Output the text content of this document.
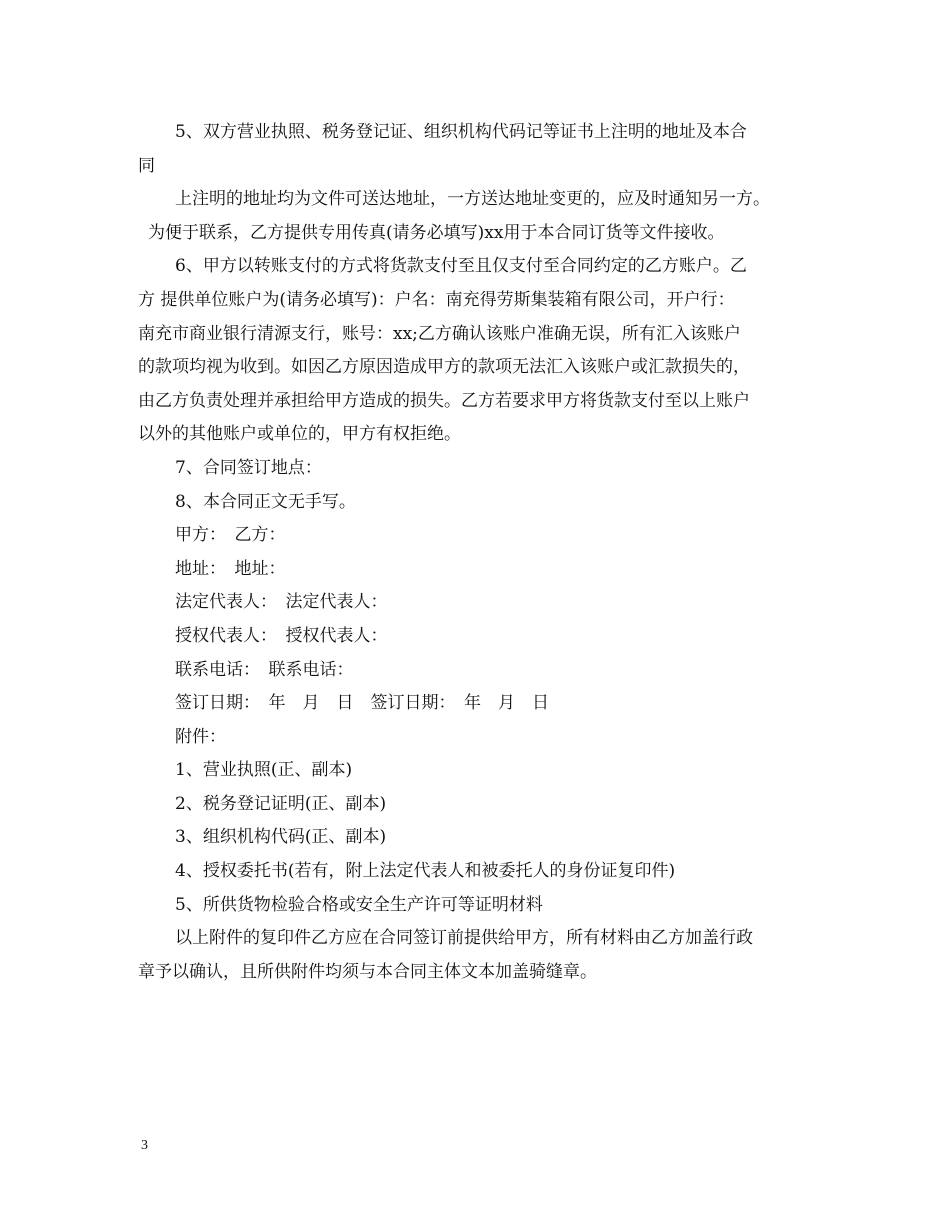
5、双方营业执照、税务登记证、组织机构代码记等证书上注明的地址及本合
同
上注明的地址均为文件可送达地址，一方送达地址变更的，应及时通知另一方。
为便于联系，乙方提供专用传真(请务必填写)xx用于本合同订货等文件接收。
6、甲方以转账支付的方式将货款支付至且仅支付至合同约定的乙方账户。乙
方 提供单位账户为(请务必填写)：户名：南充得劳斯集装箱有限公司，开户行：
南充市商业银行清源支行，账号：xx;乙方确认该账户准确无误，所有汇入该账户
的款项均视为收到。如因乙方原因造成甲方的款项无法汇入该账户或汇款损失的，
由乙方负责处理并承担给甲方造成的损失。乙方若要求甲方将货款支付至以上账户
以外的其他账户或单位的，甲方有权拒绝。
7、合同签订地点：
8、本合同正文无手写。
甲方：　乙方：
地址：　地址：
法定代表人：　法定代表人：
授权代表人：　授权代表人：
联系电话：　联系电话：
签订日期：　年　月　日　签订日期：　年　月　日
附件：
1、营业执照(正、副本)
2、税务登记证明(正、副本)
3、组织机构代码(正、副本)
4、授权委托书(若有，附上法定代表人和被委托人的身份证复印件)
5、所供货物检验合格或安全生产许可等证明材料
以上附件的复印件乙方应在合同签订前提供给甲方，所有材料由乙方加盖行政
章予以确认，且所供附件均须与本合同主体文本加盖骑缝章。
3
